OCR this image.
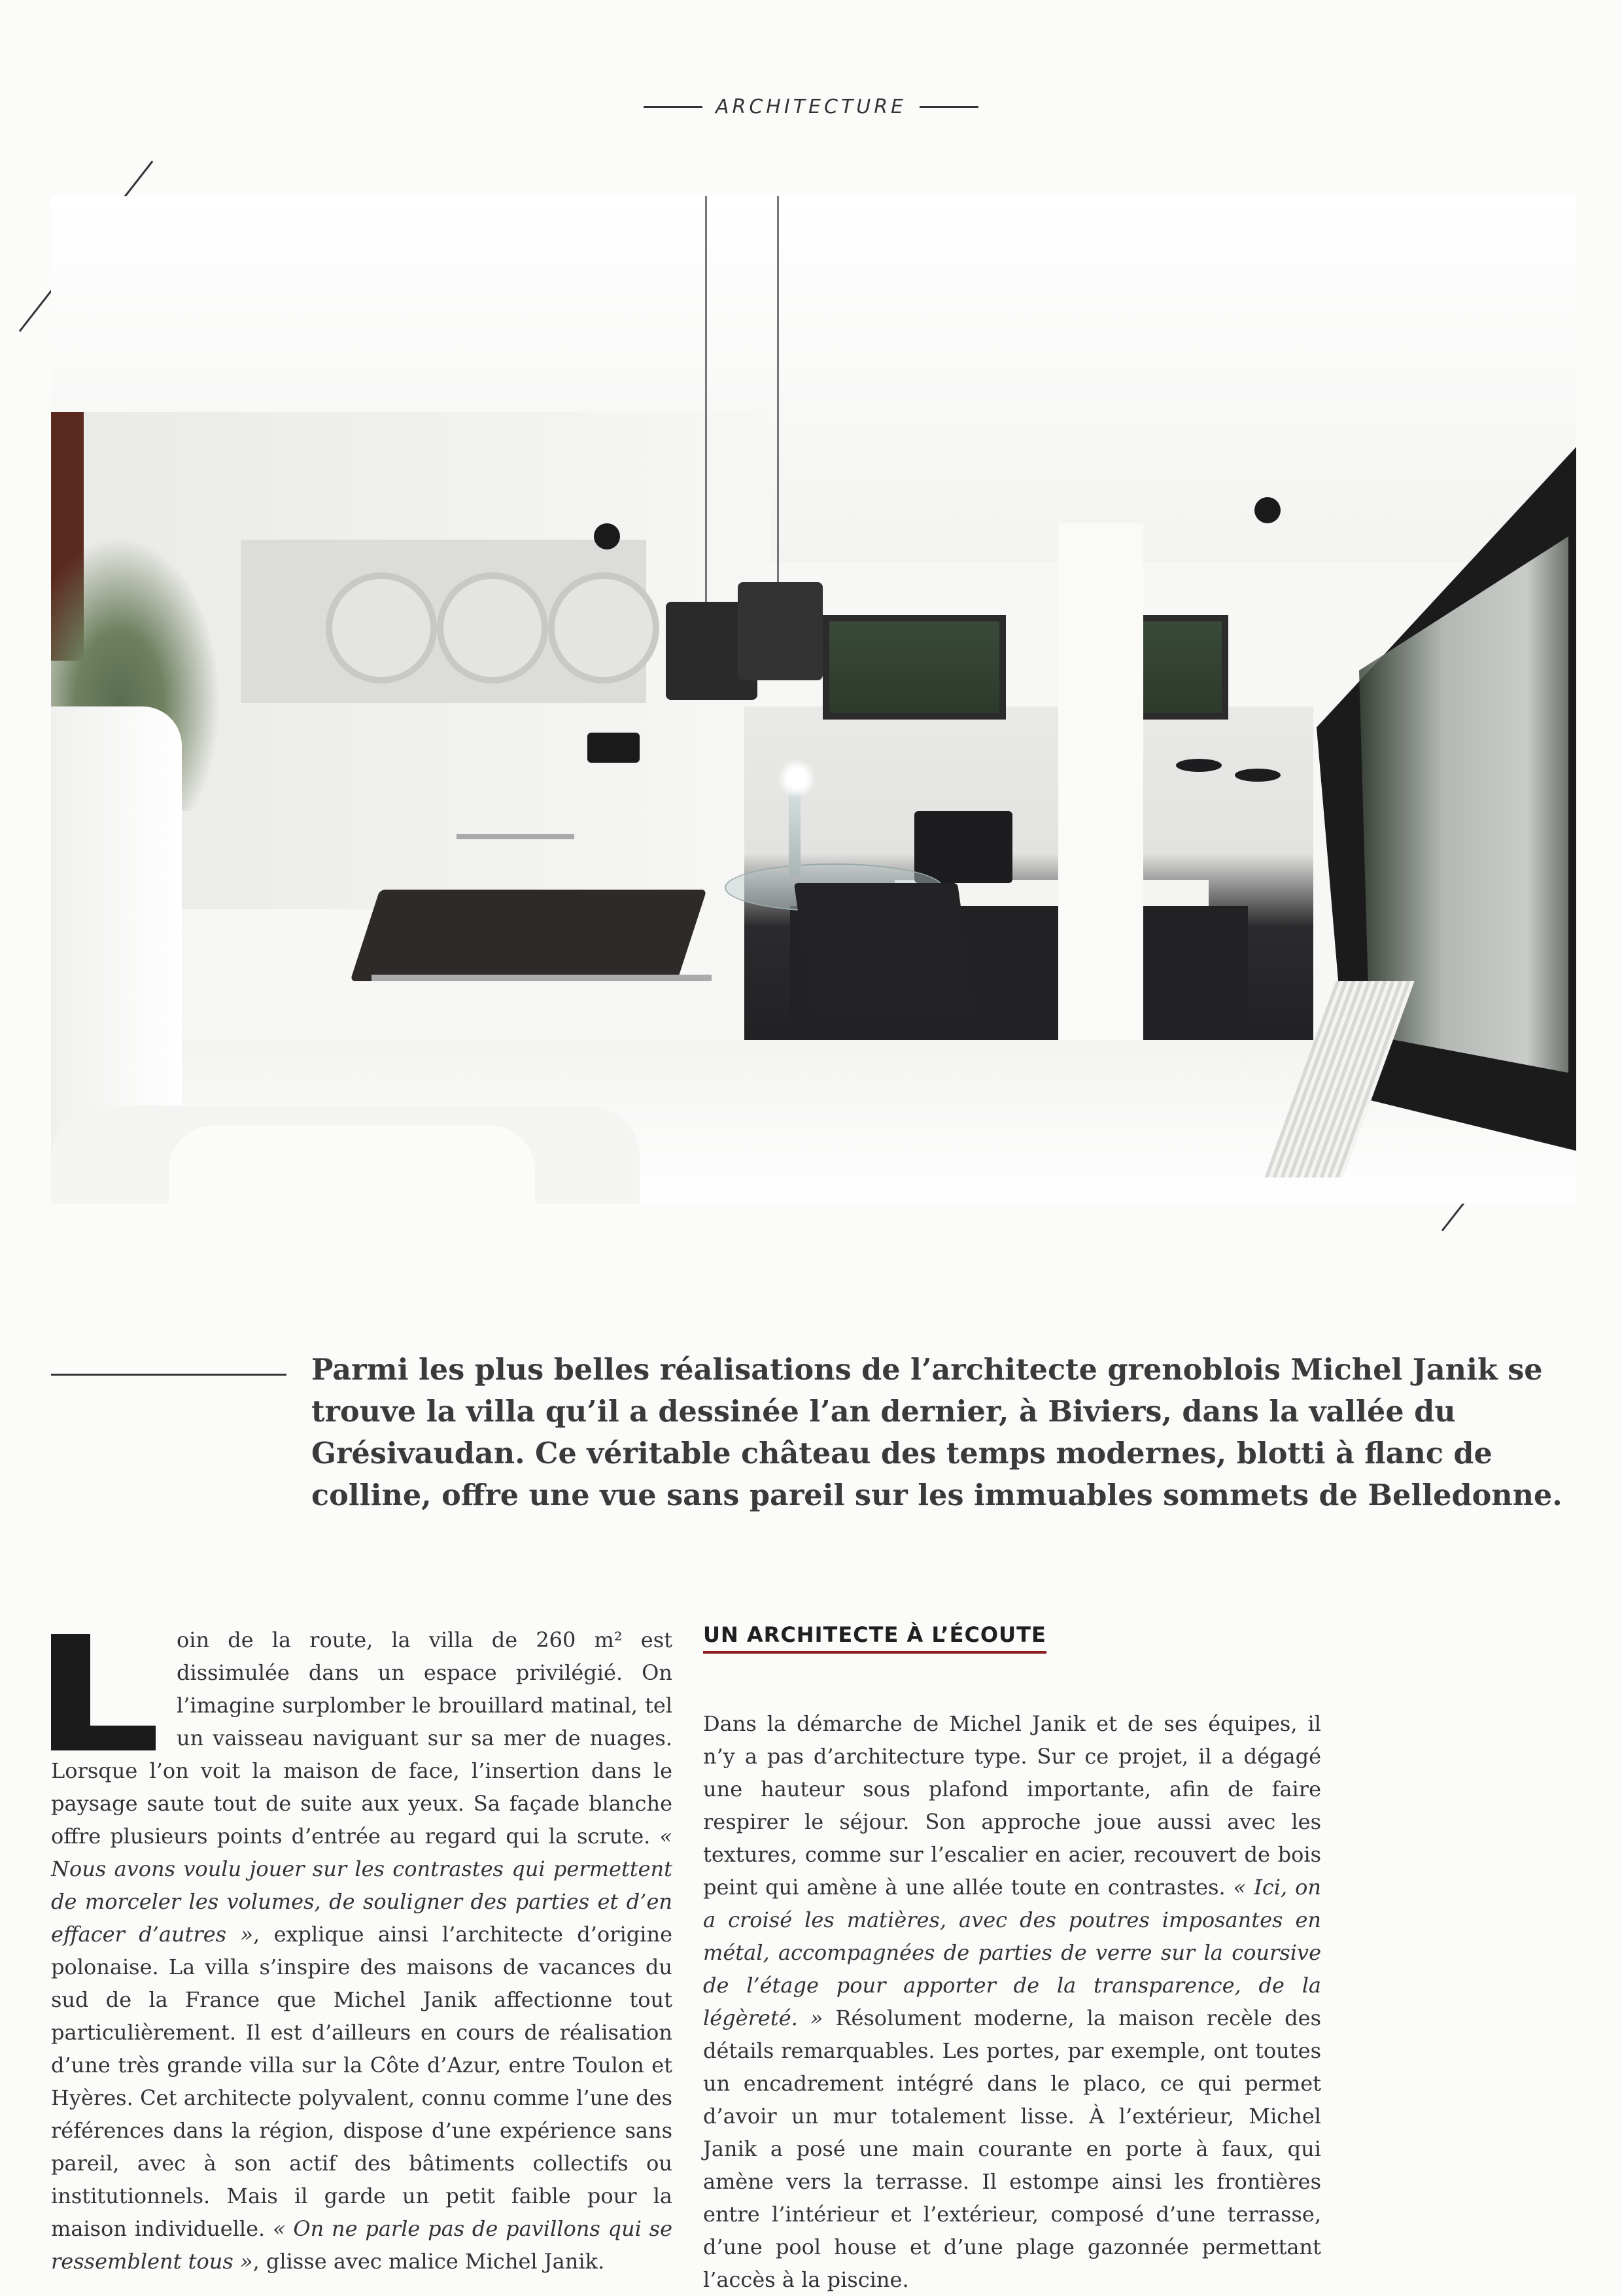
ARCHITECTURE

Parmi les plus belles réalisations de l’architecte grenoblois Michel Janik se trouve la villa qu’il a dessinée l’an dernier, à Biviers, dans la vallée du Grésivaudan. Ce véritable château des temps modernes, blotti à flanc de colline, offre une vue sans pareil sur les immuables sommets de Belledonne.

oin de la route, la villa de 260 m² est dissimulée dans un espace privilégié. On l’imagine surplomber le brouillard matinal, tel un vaisseau naviguant sur sa mer de nuages. Lorsque l’on voit la maison de face, l’insertion dans le paysage saute tout de suite aux yeux. Sa façade blanche offre plusieurs points d’entrée au regard qui la scrute. « Nous avons voulu jouer sur les contrastes qui permettent de morceler les volumes, de souligner des parties et d’en effacer d’autres », explique ainsi l’architecte d’origine polonaise. La villa s’inspire des maisons de vacances du sud de la France que Michel Janik affectionne tout particulièrement. Il est d’ailleurs en cours de réalisation d’une très grande villa sur la Côte d’Azur, entre Toulon et Hyères. Cet architecte polyvalent, connu comme l’une des références dans la région, dispose d’une expérience sans pareil, avec à son actif des bâtiments collectifs ou institutionnels. Mais il garde un petit faible pour la maison individuelle. « On ne parle pas de pavillons qui se ressemblent tous », glisse avec malice Michel Janik.

UN ARCHITECTE À L’ÉCOUTE

Dans la démarche de Michel Janik et de ses équipes, il n’y a pas d’architecture type. Sur ce projet, il a dégagé une hauteur sous plafond importante, afin de faire respirer le séjour. Son approche joue aussi avec les textures, comme sur l’escalier en acier, recouvert de bois peint qui amène à une allée toute en contrastes. « Ici, on a croisé les matières, avec des poutres imposantes en métal, accompagnées de parties de verre sur la coursive de l’étage pour apporter de la transparence, de la légèreté. » Résolument moderne, la maison recèle des détails remarquables. Les portes, par exemple, ont toutes un encadrement intégré dans le placo, ce qui permet d’avoir un mur totalement lisse. À l’extérieur, Michel Janik a posé une main courante en porte à faux, qui amène vers la terrasse. Il estompe ainsi les frontières entre l’intérieur et l’extérieur, composé d’une terrasse, d’une pool house et d’une plage gazonnée permettant l’accès à la piscine.
